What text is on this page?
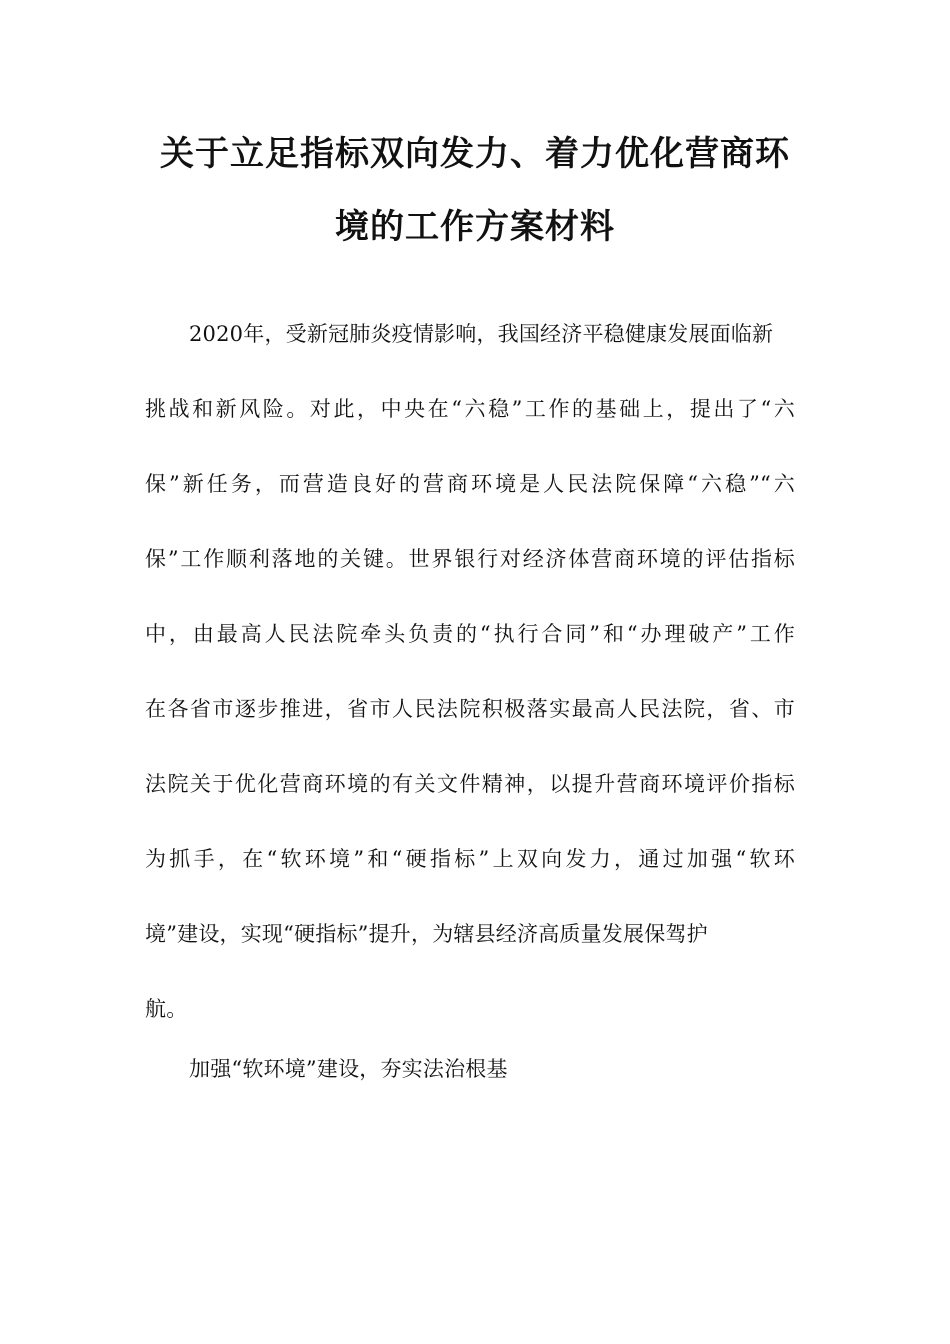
关于立足指标双向发力、着力优化营商环
境的工作方案材料
2020年，受新冠肺炎疫情影响，我国经济平稳健康发展面临新
挑战和新风险。对此，中央在“六稳”工作的基础上，提出了“六
保”新任务，而营造良好的营商环境是人民法院保障“六稳”“六
保”工作顺利落地的关键。世界银行对经济体营商环境的评估指标
中，由最高人民法院牵头负责的“执行合同”和“办理破产”工作
在各省市逐步推进，省市人民法院积极落实最高人民法院，省、市
法院关于优化营商环境的有关文件精神，以提升营商环境评价指标
为抓手，在“软环境”和“硬指标”上双向发力，通过加强“软环
境”建设，实现“硬指标”提升，为辖县经济高质量发展保驾护
航。
加强“软环境”建设，夯实法治根基
